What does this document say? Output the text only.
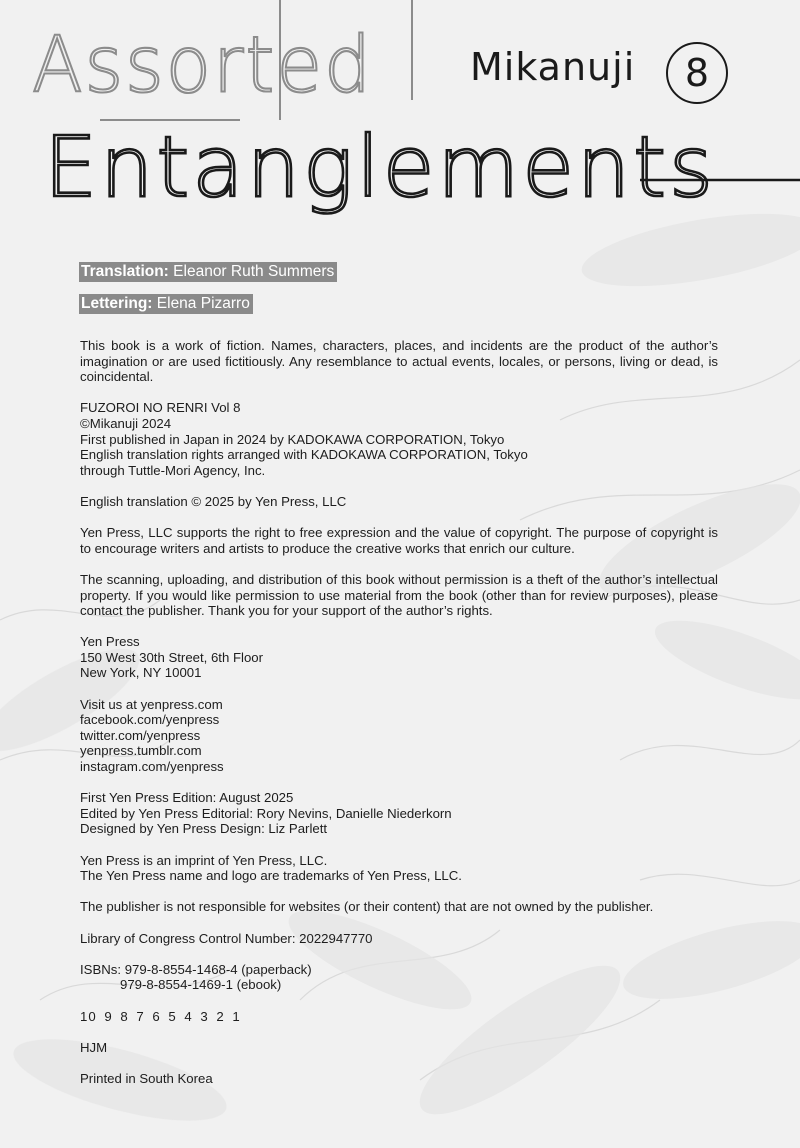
Assorted
Entanglements
Mikanuji 8
Translation: Eleanor Ruth Summers
Lettering: Elena Pizarro

This book is a work of fiction. Names, characters, places, and incidents are the product of the author’s imagination or are used fictitiously. Any resemblance to actual events, locales, or persons, living or dead, is coincidental.

FUZOROI NO RENRI Vol 8
©Mikanuji 2024
First published in Japan in 2024 by KADOKAWA CORPORATION, Tokyo
English translation rights arranged with KADOKAWA CORPORATION, Tokyo
through Tuttle-Mori Agency, Inc.

English translation © 2025 by Yen Press, LLC

Yen Press, LLC supports the right to free expression and the value of copyright. The purpose of copyright is to encourage writers and artists to produce the creative works that enrich our culture.

The scanning, uploading, and distribution of this book without permission is a theft of the author’s intellectual property. If you would like permission to use material from the book (other than for review purposes), please contact the publisher. Thank you for your support of the author’s rights.

Yen Press
150 West 30th Street, 6th Floor
New York, NY 10001

Visit us at yenpress.com
facebook.com/yenpress
twitter.com/yenpress
yenpress.tumblr.com
instagram.com/yenpress

First Yen Press Edition: August 2025
Edited by Yen Press Editorial: Rory Nevins, Danielle Niederkorn
Designed by Yen Press Design: Liz Parlett

Yen Press is an imprint of Yen Press, LLC.
The Yen Press name and logo are trademarks of Yen Press, LLC.

The publisher is not responsible for websites (or their content) that are not owned by the publisher.

Library of Congress Control Number: 2022947770

ISBNs: 979-8-8554-1468-4 (paperback)
979-8-8554-1469-1 (ebook)

10 9 8 7 6 5 4 3 2 1

HJM

Printed in South Korea
